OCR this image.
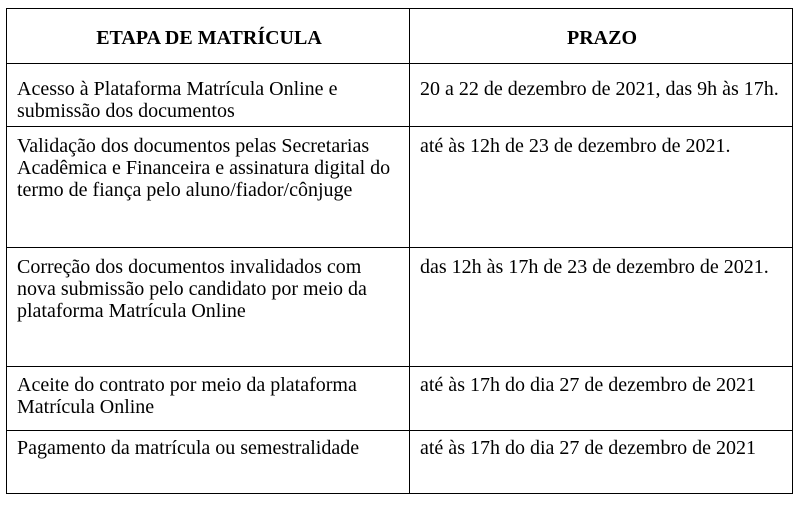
ETAPA DE MATRÍCULA	PRAZO
Acesso à Plataforma Matrícula Online e submissão dos documentos	20 a 22 de dezembro de 2021, das 9h às 17h.
Validação dos documentos pelas Secretarias Acadêmica e Financeira e assinatura digital do termo de fiança pelo aluno/fiador/cônjuge	até às 12h de 23 de dezembro de 2021.
Correção dos documentos invalidados com nova submissão pelo candidato por meio da plataforma Matrícula Online	das 12h às 17h de 23 de dezembro de 2021.
Aceite do contrato por meio da plataforma Matrícula Online	até às 17h do dia 27 de dezembro de 2021
Pagamento da matrícula ou semestralidade	até às 17h do dia 27 de dezembro de 2021
